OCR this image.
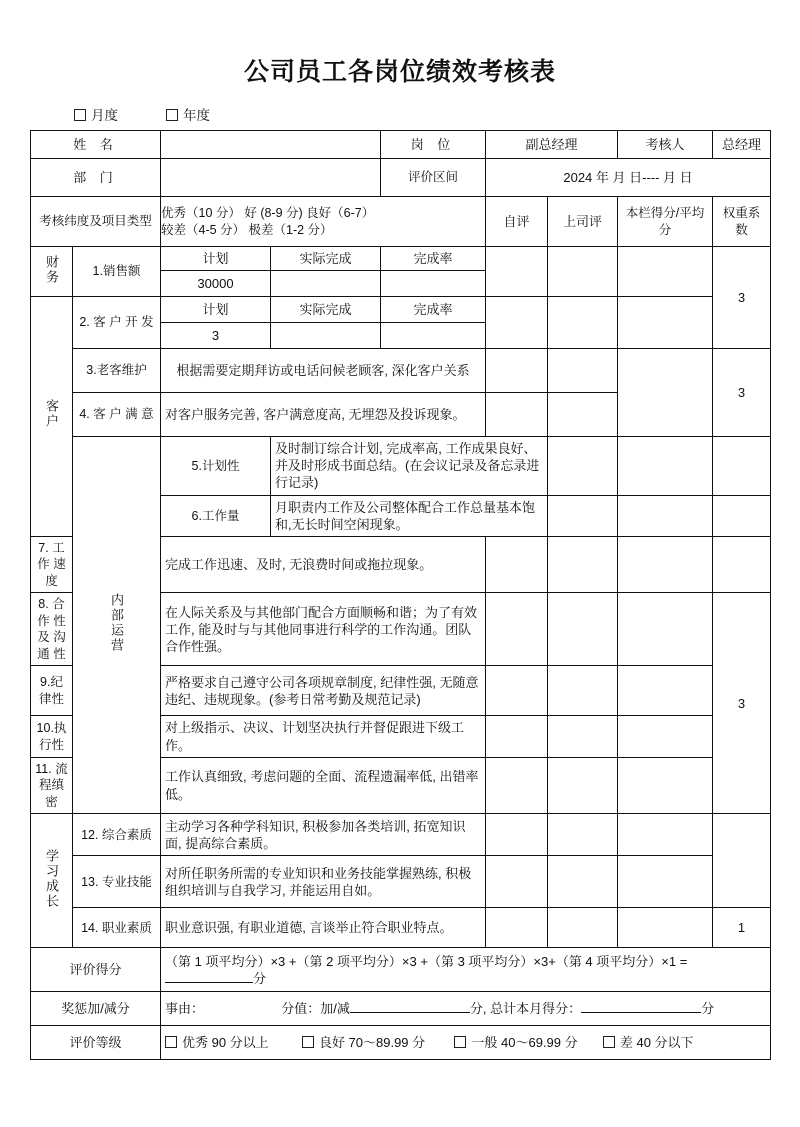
公司员工各岗位绩效考核表
月度	年度
姓 名				岗 位	副总经理		考核人	总经理	
部 门				评价区间	2024 年 月 日---- 月 日				
考核纬度及项目类型		优秀（10 分） 好 (8-9 分) 良好（6-7）
较差（4-5 分） 极差（1-2 分）			自评	上司评	本栏得分/平均分	权重系数	
财务	1.销售额	计划	实际完成	完成率				3	
		30000							
客户	2. 客 户 开 发	计划	实际完成	完成率					
		3							
	3.老客维护	根据需要定期拜访或电话问候老顾客, 深化客户关系						3	
	4. 客 户 满 意	对客户服务完善, 客户满意度高, 无埋怨及投诉现象。							
	内部运营	5.计划性	及时制订综合计划, 完成率高, 工作成果良好、并及时形成书面总结。(在会议记录及备忘录进行记录)						
		6.工作量	月职责内工作及公司整体配合工作总量基本饱和,无长时间空闲现象。						
7. 工 作 速 度		完成工作迅速、及时, 无浪费时间或拖拉现象。							
8. 合 作 性 及 沟 通 性		在人际关系及与其他部门配合方面顺畅和谐；为了有效工作, 能及时与与其他同事进行科学的工作沟通。团队合作性强。						3	
9.纪律性		严格要求自己遵守公司各项规章制度, 纪律性强, 无随意违纪、违规现象。(参考日常考勤及规范记录)							
10.执行性		对上级指示、决议、计划坚决执行并督促跟进下级工作。							
11. 流程缜密		工作认真细致, 考虑问题的全面、流程遗漏率低, 出错率低。							
学习成长	12. 综合素质	主动学习各种学科知识, 积极参加各类培训, 拓宽知识面, 提高综合素质。							
	13. 专业技能	对所任职务所需的专业知识和业务技能掌握熟练, 积极组织培训与自我学习, 并能运用自如。							
	14. 职业素质	职业意识强, 有职业道德, 言谈举止符合职业特点。						1	
评价得分		（第 1 项平均分）×3 +（第 2 项平均分）×3 +（第 3 项平均分）×3+（第 4 项平均分）×1 = 分							
奖惩加/减分		事由： 分值：加/减 分, 总计本月得分： 分							
评价等级		优秀 90 分以上 良好 70～89.99 分 一般 40～69.99 分 差 40 分以下							
